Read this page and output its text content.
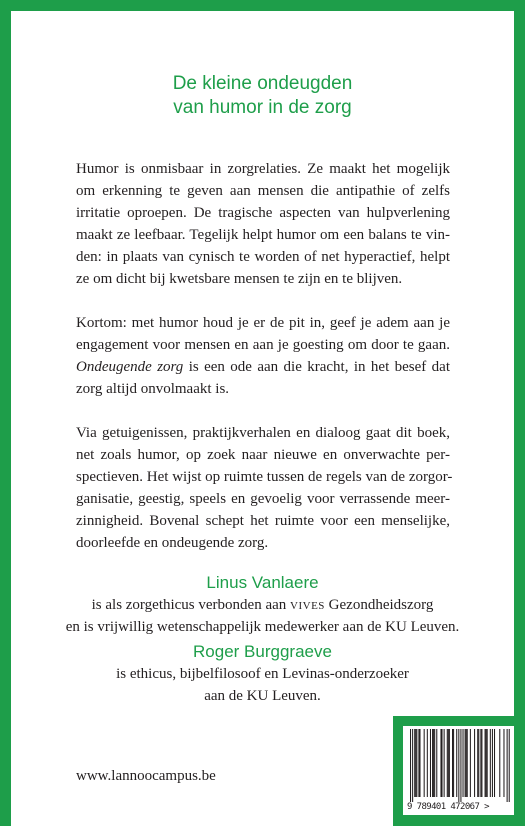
De kleine ondeugden
van humor in de zorg

Humor is onmisbaar in zorgrelaties. Ze maakt het mogelijk
om erkenning te geven aan mensen die antipathie of zelfs
irritatie oproepen. De tragische aspecten van hulpverlening
maakt ze leefbaar. Tegelijk helpt humor om een balans te vin-
den: in plaats van cynisch te worden of net hyperactief, helpt
ze om dicht bij kwetsbare mensen te zijn en te blijven.

Kortom: met humor houd je er de pit in, geef je adem aan je
engagement voor mensen en aan je goesting om door te gaan.
Ondeugende zorg is een ode aan die kracht, in het besef dat
zorg altijd onvolmaakt is.

Via getuigenissen, praktijkverhalen en dialoog gaat dit boek,
net zoals humor, op zoek naar nieuwe en onverwachte per-
spectieven. Het wijst op ruimte tussen de regels van de zorgor-
ganisatie, geestig, speels en gevoelig voor verrassende meer-
zinnigheid. Bovenal schept het ruimte voor een menselijke,
doorleefde en ondeugende zorg.

Linus Vanlaere
is als zorgethicus verbonden aan vives Gezondheidszorg
en is vrijwillig wetenschappelijk medewerker aan de KU Leuven.
Roger Burggraeve
is ethicus, bijbelfilosoof en Levinas-onderzoeker
aan de KU Leuven.
www.lannoocampus.be
9 789401 472067 >
